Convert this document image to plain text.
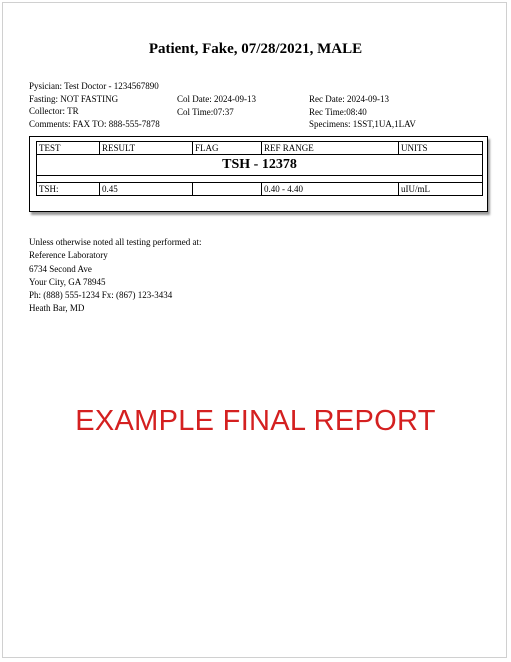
Patient, Fake, 07/28/2021, MALE
Pysician: Test Doctor - 1234567890
Fasting: NOT FASTING
Collector: TR
Comments: FAX TO: 888-555-7878
Col Date: 2024-09-13
Col Time:07:37
Rec Date: 2024-09-13
Rec Time:08:40
Specimens: 1SST,1UA,1LAV
TEST	RESULT	FLAG	REF RANGE	UNITS
TSH - 12378				

TSH:	0.45		0.40 - 4.40	uIU/mL
Unless otherwise noted all testing performed at:
Reference Laboratory
6734 Second Ave
Your City, GA 78945
Ph: (888) 555-1234 Fx: (867) 123-3434
Heath Bar, MD
EXAMPLE FINAL REPORT
